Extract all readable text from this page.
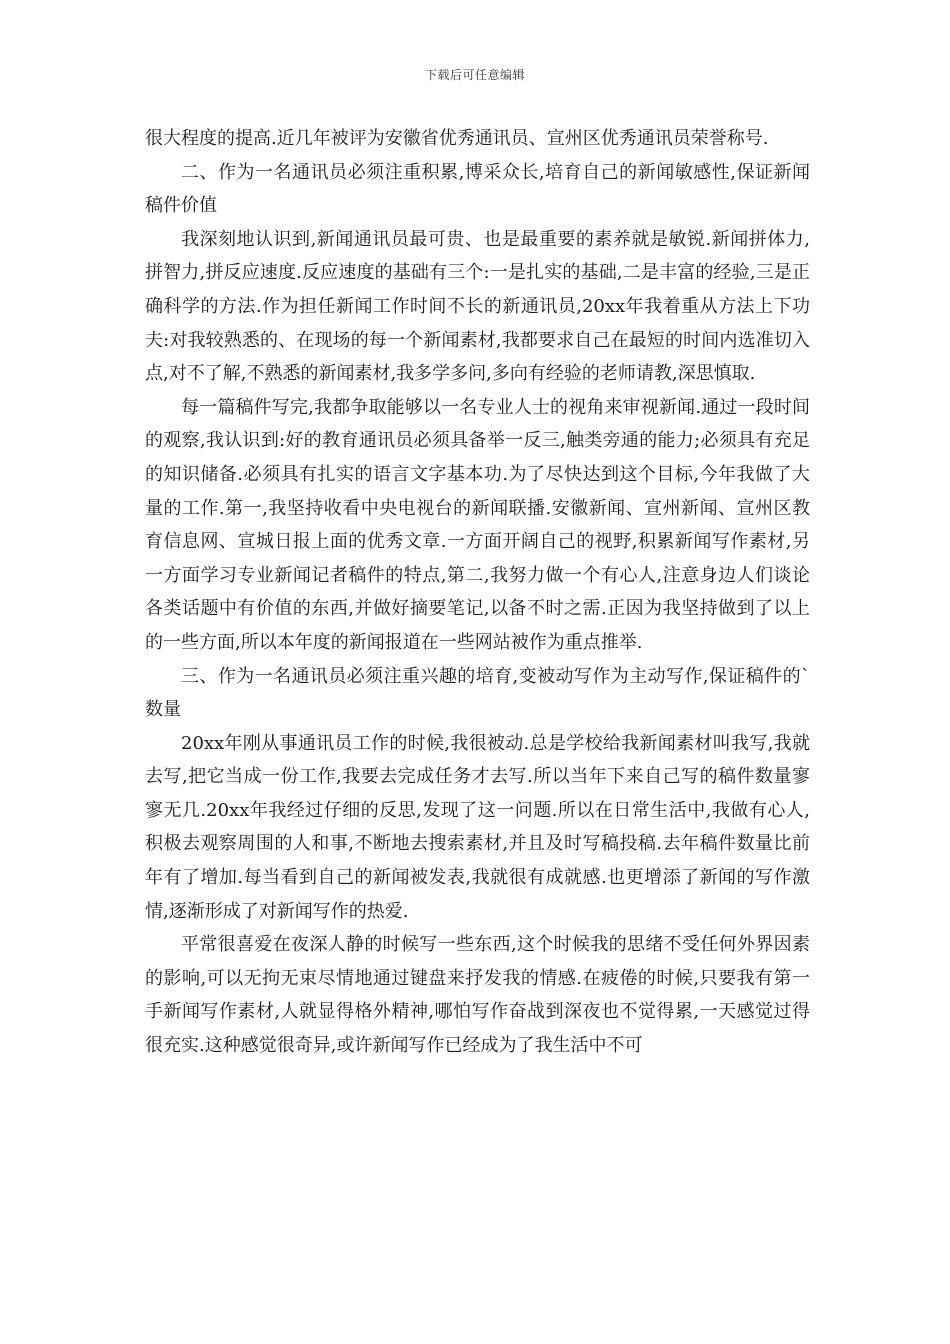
下载后可任意编辑

很大程度的提高.近几年被评为安徽省优秀通讯员、宣州区优秀通讯员荣誉称号.

二、作为一名通讯员必须注重积累,博采众长,培育自己的新闻敏感性,保证新闻稿件价值

我深刻地认识到,新闻通讯员最可贵、也是最重要的素养就是敏锐.新闻拼体力,拼智力,拼反应速度.反应速度的基础有三个:一是扎实的基础,二是丰富的经验,三是正确科学的方法.作为担任新闻工作时间不长的新通讯员,20xx年我着重从方法上下功夫:对我较熟悉的、在现场的每一个新闻素材,我都要求自己在最短的时间内选准切入点,对不了解,不熟悉的新闻素材,我多学多问,多向有经验的老师请教,深思慎取.

每一篇稿件写完,我都争取能够以一名专业人士的视角来审视新闻.通过一段时间的观察,我认识到:好的教育通讯员必须具备举一反三,触类旁通的能力;必须具有充足的知识储备.必须具有扎实的语言文字基本功.为了尽快达到这个目标,今年我做了大量的工作.第一,我坚持收看中央电视台的新闻联播.安徽新闻、宣州新闻、宣州区教育信息网、宣城日报上面的优秀文章.一方面开阔自己的视野,积累新闻写作素材,另一方面学习专业新闻记者稿件的特点,第二,我努力做一个有心人,注意身边人们谈论各类话题中有价值的东西,并做好摘要笔记,以备不时之需.正因为我坚持做到了以上的一些方面,所以本年度的新闻报道在一些网站被作为重点推举.

三、作为一名通讯员必须注重兴趣的培育,变被动写作为主动写作,保证稿件的`数量

20xx年刚从事通讯员工作的时候,我很被动.总是学校给我新闻素材叫我写,我就去写,把它当成一份工作,我要去完成任务才去写.所以当年下来自己写的稿件数量寥寥无几.20xx年我经过仔细的反思,发现了这一问题.所以在日常生活中,我做有心人,积极去观察周围的人和事,不断地去搜索素材,并且及时写稿投稿.去年稿件数量比前年有了增加.每当看到自己的新闻被发表,我就很有成就感.也更增添了新闻的写作激情,逐渐形成了对新闻写作的热爱.

平常很喜爱在夜深人静的时候写一些东西,这个时候我的思绪不受任何外界因素的影响,可以无拘无束尽情地通过键盘来抒发我的情感.在疲倦的时候,只要我有第一手新闻写作素材,人就显得格外精神,哪怕写作奋战到深夜也不觉得累,一天感觉过得很充实.这种感觉很奇异,或许新闻写作已经成为了我生活中不可
